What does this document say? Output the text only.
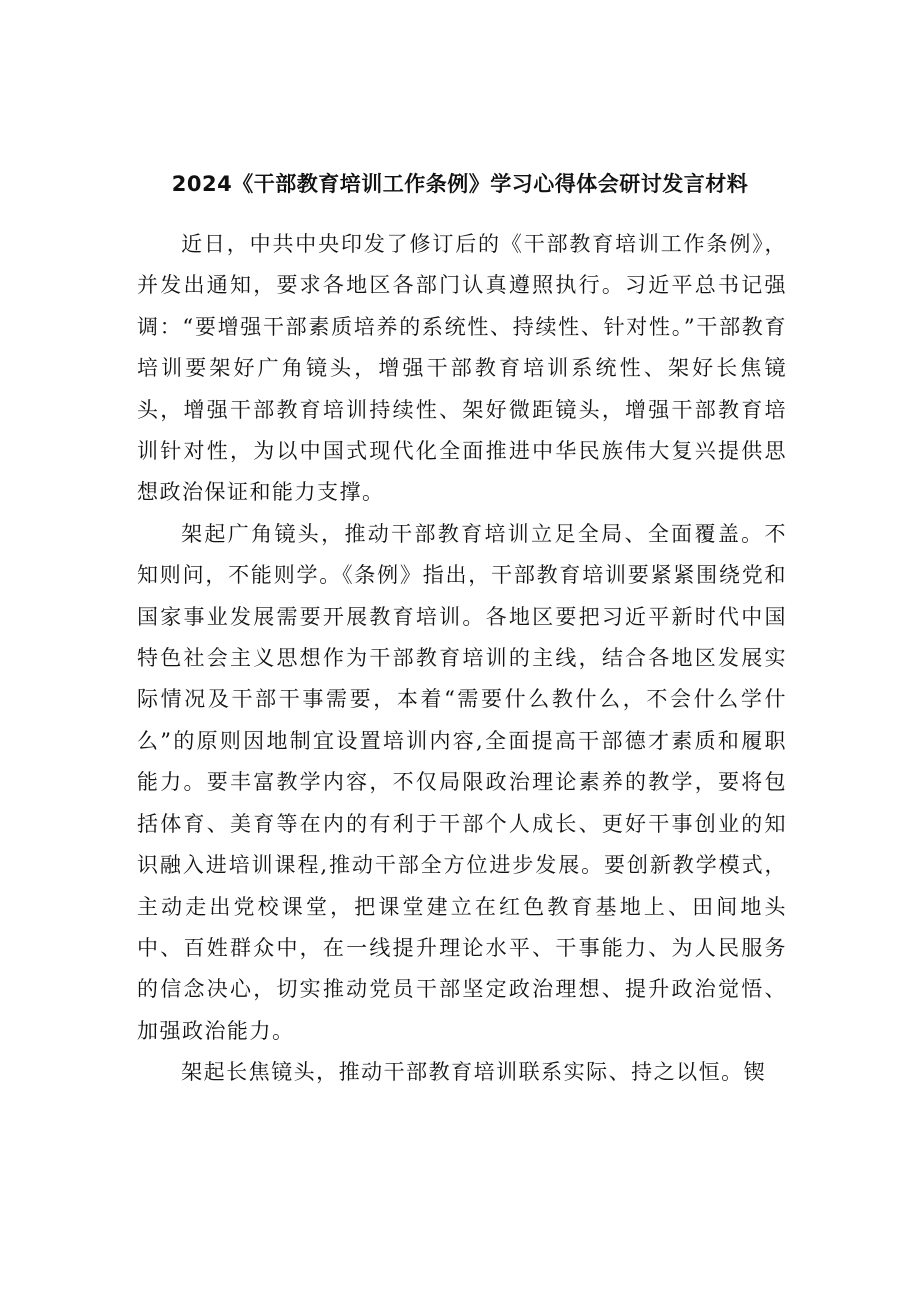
2024《干部教育培训工作条例》学习心得体会研讨发言材料

近日，中共中央印发了修订后的《干部教育培训工作条例》，并发出通知，要求各地区各部门认真遵照执行。习近平总书记强调：“要增强干部素质培养的系统性、持续性、针对性。”干部教育培训要架好广角镜头，增强干部教育培训系统性、架好长焦镜头，增强干部教育培训持续性、架好微距镜头，增强干部教育培训针对性，为以中国式现代化全面推进中华民族伟大复兴提供思想政治保证和能力支撑。

架起广角镜头，推动干部教育培训立足全局、全面覆盖。不知则问，不能则学。《条例》指出，干部教育培训要紧紧围绕党和国家事业发展需要开展教育培训。各地区要把习近平新时代中国特色社会主义思想作为干部教育培训的主线，结合各地区发展实际情况及干部干事需要，本着“需要什么教什么，不会什么学什么”的原则因地制宜设置培训内容,全面提高干部德才素质和履职能力。要丰富教学内容，不仅局限政治理论素养的教学，要将包括体育、美育等在内的有利于干部个人成长、更好干事创业的知识融入进培训课程,推动干部全方位进步发展。要创新教学模式，主动走出党校课堂，把课堂建立在红色教育基地上、田间地头中、百姓群众中，在一线提升理论水平、干事能力、为人民服务的信念决心，切实推动党员干部坚定政治理想、提升政治觉悟、加强政治能力。

架起长焦镜头，推动干部教育培训联系实际、持之以恒。锲
